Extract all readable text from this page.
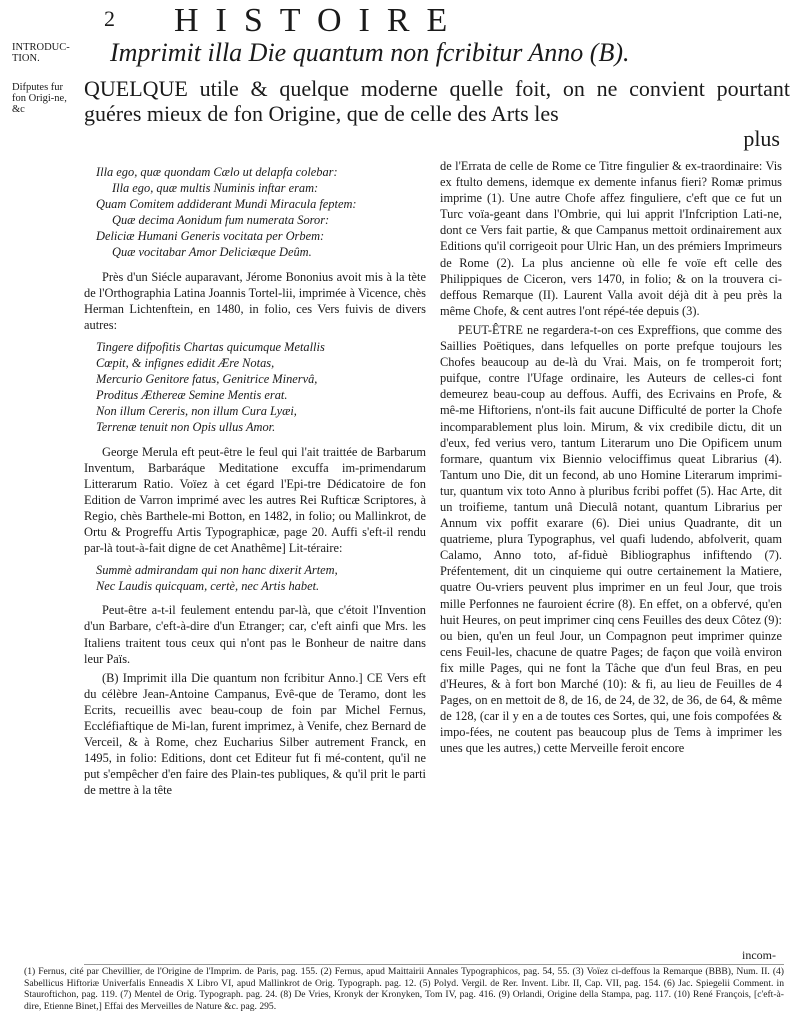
2 HISTOIRE
INTRODUC-TION.
Difputes fur fon Origi-ne, &c
Imprimit illa Die quantum non fcribitur Anno (B).

QUELQUE utile & quelque moderne quelle foit, on ne convient pourtant guéres mieux de fon Origine, que de celle des Arts les

plus
Illa ego, quæ quondam Cælo ut delapfa colebar:
Illa ego, quæ multis Numinis inftar eram:
Quam Comitem addiderant Mundi Miracula feptem:
Quæ decima Aonidum fum numerata Soror:
Deliciæ Humani Generis vocitata per Orbem:
Quæ vocitabar Amor Deliciæque Deûm.

Près d'un Siécle auparavant, Jérome Bononius avoit mis à la tète de l'Orthographia Latina Joannis Tortel-lii, imprimée à Vicence, chès Herman Lichtenftein, en 1480, in folio, ces Vers fuivis de divers autres:

Tingere difpofitis Chartas quicumque Metallis
Cœpit, & infignes edidit Ære Notas,
Mercurio Genitore fatus, Genitrice Minervâ,
Proditus Æthereæ Semine Mentis erat.
Non illum Cereris, non illum Cura Lyæi,
Terrenæ tenuit non Opis ullus Amor.

George Merula eft peut-être le feul qui l'ait traittée de Barbarum Inventum, Barbaráque Meditatione excuffa im-primendarum Litterarum Ratio. Voïez à cet égard l'Epi-tre Dédicatoire de fon Edition de Varron imprimé avec les autres Rei Rufticæ Scriptores, à Regio, chès Barthele-mi Botton, en 1482, in folio; ou Mallinkrot, de Ortu & Progreffu Artis Typographicæ, page 20. Auffi s'eft-il rendu par-là tout-à-fait digne de cet Anathême] Lit-téraire:

Summè admirandam qui non hanc dixerit Artem,
Nec Laudis quicquam, certè, nec Artis habet.

Peut-être a-t-il feulement entendu par-là, que c'étoit l'Invention d'un Barbare, c'eft-à-dire d'un Etranger; car, c'eft ainfi que Mrs. les Italiens traitent tous ceux qui n'ont pas le Bonheur de naitre dans leur Païs.

(B) Imprimit illa Die quantum non fcribitur Anno.] CE Vers eft du célèbre Jean-Antoine Campanus, Evê-que de Teramo, dont les Ecrits, recueillis avec beau-coup de foin par Michel Fernus, Eccléfiaftique de Mi-lan, furent imprimez, à Venife, chez Bernard de Verceil, & à Rome, chez Eucharius Silber autrement Franck, en 1495, in folio: Editions, dont cet Editeur fut fi mé-content, qu'il ne put s'empêcher d'en faire des Plain-tes publiques, & qu'il prit le parti de mettre à la tête

de l'Errata de celle de Rome ce Titre fingulier & ex-traordinaire: Vis ex ftulto demens, idemque ex demente infanus fieri? Romæ primus imprime (1). Une autre Chofe affez finguliere, c'eft que ce fut un Turc voïa-geant dans l'Ombrie, qui lui apprit l'Infcription Lati-ne, dont ce Vers fait partie, & que Campanus mettoit ordinairement aux Editions qu'il corrigeoit pour Ulric Han, un des prémiers Imprimeurs de Rome (2). La plus ancienne où elle fe voïe eft celle des Philippiques de Ciceron, vers 1470, in folio; & on la trouvera ci-deffous Remarque (II). Laurent Valla avoit déjà dit à peu près la même Chofe, & cent autres l'ont répé-tée depuis (3).

PEUT-ÊTRE ne regardera-t-on ces Expreffions, que comme des Saillies Poëtiques, dans lefquelles on porte prefque toujours les Chofes beaucoup au de-là du Vrai. Mais, on fe tromperoit fort; puifque, contre l'Ufage ordinaire, les Auteurs de celles-ci font demeurez beau-coup au deffous. Auffi, des Ecrivains en Profe, & mê-me Hiftoriens, n'ont-ils fait aucune Difficulté de porter la Chofe incomparablement plus loin. Mirum, & vix credibile dictu, dit un d'eux, fed verius vero, tantum Literarum uno Die Opificem unum formare, quantum vix Biennio velociffimus queat Librarius (4). Tantum uno Die, dit un fecond, ab uno Homine Literarum imprimi-tur, quantum vix toto Anno à pluribus fcribi poffet (5). Hac Arte, dit un troifieme, tantum unâ Dieculâ notant, quantum Librarius per Annum vix poffit exarare (6). Diei unius Quadrante, dit un quatrieme, plura Typographus, vel quafi ludendo, abfolverit, quam Calamo, Anno toto, af-fiduè Bibliographus infiftendo (7). Préfentement, dit un cinquieme qui outre certainement la Matiere, quatre Ou-vriers peuvent plus imprimer en un feul Jour, que trois mille Perfonnes ne fauroient écrire (8). En effet, on a obfervé, qu'en huit Heures, on peut imprimer cinq cens Feuilles des deux Côtez (9): ou bien, qu'en un feul Jour, un Compagnon peut imprimer quinze cens Feuil-les, chacune de quatre Pages; de façon que voilà environ fix mille Pages, qui ne font la Tâche que d'un feul Bras, en peu d'Heures, & à fort bon Marché (10): & fi, au lieu de Feuilles de 4 Pages, on en mettoit de 8, de 16, de 24, de 32, de 36, de 64, & même de 128, (car il y en a de toutes ces Sortes, qui, une fois compofées & impo-fées, ne coutent pas beaucoup plus de Tems à imprimer les unes que les autres,) cette Merveille feroit encore

incom-
(1) Fernus, cité par Chevillier, de l'Origine de l'Imprim. de Paris, pag. 155. (2) Fernus, apud Maittairii Annales Typographicos, pag. 54, 55. (3) Voïez ci-deffous la Remarque (BBB), Num. II. (4) Sabellicus Hiftoriæ Univerfalis Enneadis X Libro VI, apud Mallinkrot de Orig. Typograph. pag. 12. (5) Polyd. Vergil. de Rer. Invent. Libr. II, Cap. VII, pag. 154. (6) Jac. Spiegelii Comment. in Stauroftichon, pag. 119. (7) Mentel de Orig. Typograph. pag. 24. (8) De Vries, Kronyk der Kronyken, Tom IV, pag. 416. (9) Orlandi, Origine della Stampa, pag. 117. (10) René François, [c'eft-à-dire, Etienne Binet,] Effai des Merveilles de Nature &c. pag. 295.
